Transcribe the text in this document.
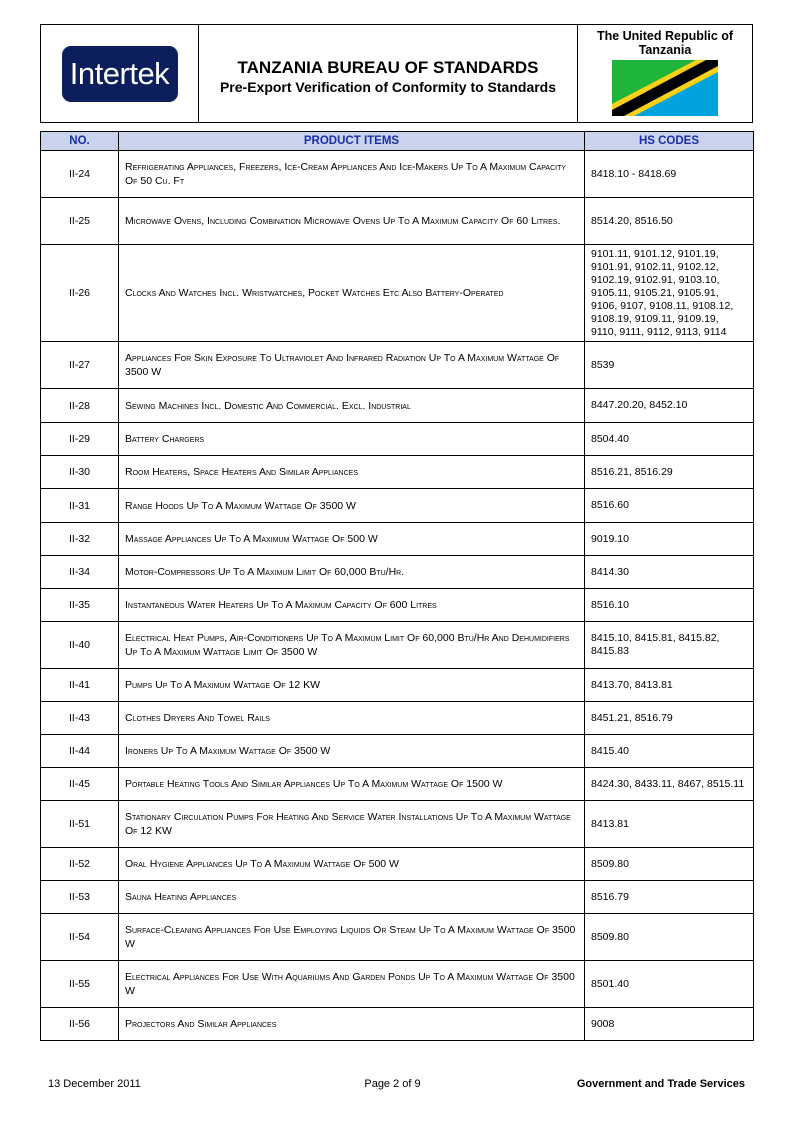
Intertek	TANZANIA BUREAU OF STANDARDS
Pre-Export Verification of Conformity to Standards
The United Republic of Tanzania
NO.	PRODUCT ITEMS	HS CODES
II-24	Refrigerating Appliances, Freezers, Ice-Cream Appliances And Ice-Makers Up To A Maximum Capacity Of 50 Cu. Ft	8418.10 - 8418.69
II-25	Microwave Ovens, Including Combination Microwave Ovens Up To A Maximum Capacity Of 60 Litres.	8514.20, 8516.50
II-26	Clocks And Watches Incl. Wristwatches, Pocket Watches Etc Also Battery-Operated	9101.11, 9101.12, 9101.19, 9101.91, 9102.11, 9102.12, 9102.19, 9102.91, 9103.10, 9105.11, 9105.21, 9105.91, 9106, 9107, 9108.11, 9108.12, 9108.19, 9109.11, 9109.19, 9110, 9111, 9112, 9113, 9114
II-27	Appliances For Skin Exposure To Ultraviolet And Infrared Radiation Up To A Maximum Wattage Of 3500 W	8539
II-28	Sewing Machines Incl. Domestic And Commercial. Excl. Industrial	8447.20.20, 8452.10
II-29	Battery Chargers	8504.40
II-30	Room Heaters, Space Heaters And Similar Appliances	8516.21, 8516.29
II-31	Range Hoods Up To A Maximum Wattage Of 3500 W	8516.60
II-32	Massage Appliances Up To A Maximum Wattage Of 500 W	9019.10
II-34	Motor-Compressors Up To A Maximum Limit Of 60,000 Btu/Hr.	8414.30
II-35	Instantaneous Water Heaters Up To A Maximum Capacity Of 600 Litres	8516.10
II-40	Electrical Heat Pumps, Air-Conditioners Up To A Maximum Limit Of 60,000 Btu/Hr And Dehumidifiers Up To A Maximum Wattage Limit Of 3500 W	8415.10, 8415.81, 8415.82, 8415.83
II-41	Pumps Up To A Maximum Wattage Of 12 KW	8413.70, 8413.81
II-43	Clothes Dryers And Towel Rails	8451.21, 8516.79
II-44	Ironers Up To A Maximum Wattage Of 3500 W	8415.40
II-45	Portable Heating Tools And Similar Appliances Up To A Maximum Wattage Of 1500 W	8424.30, 8433.11, 8467, 8515.11
II-51	Stationary Circulation Pumps For Heating And Service Water Installations Up To A Maximum Wattage Of 12 KW	8413.81
II-52	Oral Hygiene Appliances Up To A Maximum Wattage Of 500 W	8509.80
II-53	Sauna Heating Appliances	8516.79
II-54	Surface-Cleaning Appliances For Use Employing Liquids Or Steam Up To A Maximum Wattage Of 3500 W	8509.80
II-55	Electrical Appliances For Use With Aquariums And Garden Ponds Up To A Maximum Wattage Of 3500 W	8501.40
II-56	Projectors And Similar Appliances	9008
13 December 2011	Page 2 of 9	Government and Trade Services
